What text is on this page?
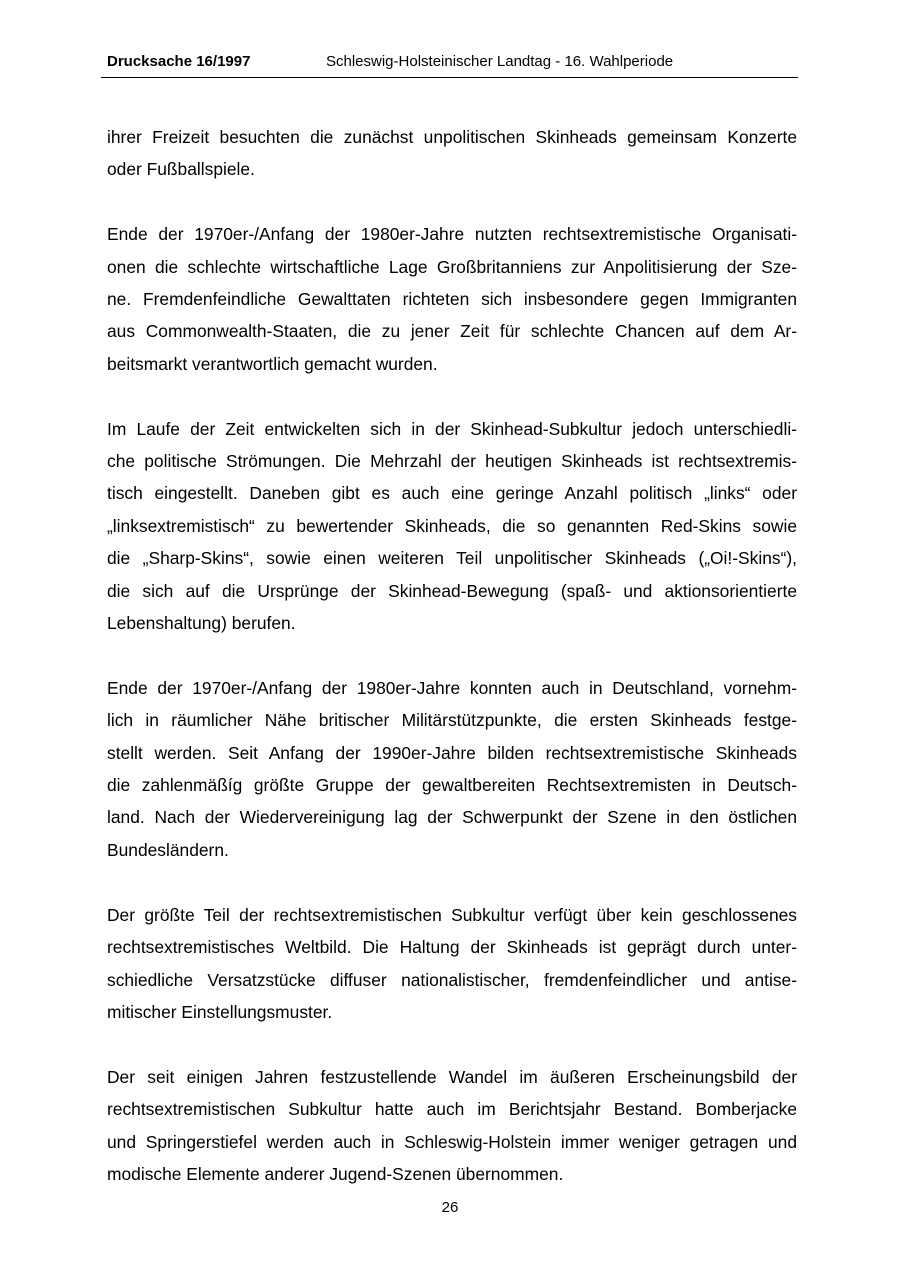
Drucksache 16/1997	Schleswig-Holsteinischer Landtag - 16. Wahlperiode

ihrer Freizeit besuchten die zunächst unpolitischen Skinheads gemeinsam Konzerte
oder Fußballspiele.

Ende der 1970er-/Anfang der 1980er-Jahre nutzten rechtsextremistische Organisati-
onen die schlechte wirtschaftliche Lage Großbritanniens zur Anpolitisierung der Sze-
ne. Fremdenfeindliche Gewalttaten richteten sich insbesondere gegen Immigranten
aus Commonwealth-Staaten, die zu jener Zeit für schlechte Chancen auf dem Ar-
beitsmarkt verantwortlich gemacht wurden.

Im Laufe der Zeit entwickelten sich in der Skinhead-Subkultur jedoch unterschiedli-
che politische Strömungen. Die Mehrzahl der heutigen Skinheads ist rechtsextremis-
tisch eingestellt. Daneben gibt es auch eine geringe Anzahl politisch „links“ oder
„linksextremistisch“ zu bewertender Skinheads, die so genannten Red-Skins sowie
die „Sharp-Skins“, sowie einen weiteren Teil unpolitischer Skinheads („Oi!-Skins“),
die sich auf die Ursprünge der Skinhead-Bewegung (spaß- und aktionsorientierte
Lebenshaltung) berufen.

Ende der 1970er-/Anfang der 1980er-Jahre konnten auch in Deutschland, vornehm-
lich in räumlicher Nähe britischer Militärstützpunkte, die ersten Skinheads festge-
stellt werden. Seit Anfang der 1990er-Jahre bilden rechtsextremistische Skinheads
die zahlenmäßíg größte Gruppe der gewaltbereiten Rechtsextremisten in Deutsch-
land. Nach der Wiedervereinigung lag der Schwerpunkt der Szene in den östlichen
Bundesländern.

Der größte Teil der rechtsextremistischen Subkultur verfügt über kein geschlossenes
rechtsextremistisches Weltbild. Die Haltung der Skinheads ist geprägt durch unter-
schiedliche Versatzstücke diffuser nationalistischer, fremdenfeindlicher und antise-
mitischer Einstellungsmuster.

Der seit einigen Jahren festzustellende Wandel im äußeren Erscheinungsbild der
rechtsextremistischen Subkultur hatte auch im Berichtsjahr Bestand. Bomberjacke
und Springerstiefel werden auch in Schleswig-Holstein immer weniger getragen und
modische Elemente anderer Jugend-Szenen übernommen.

26
